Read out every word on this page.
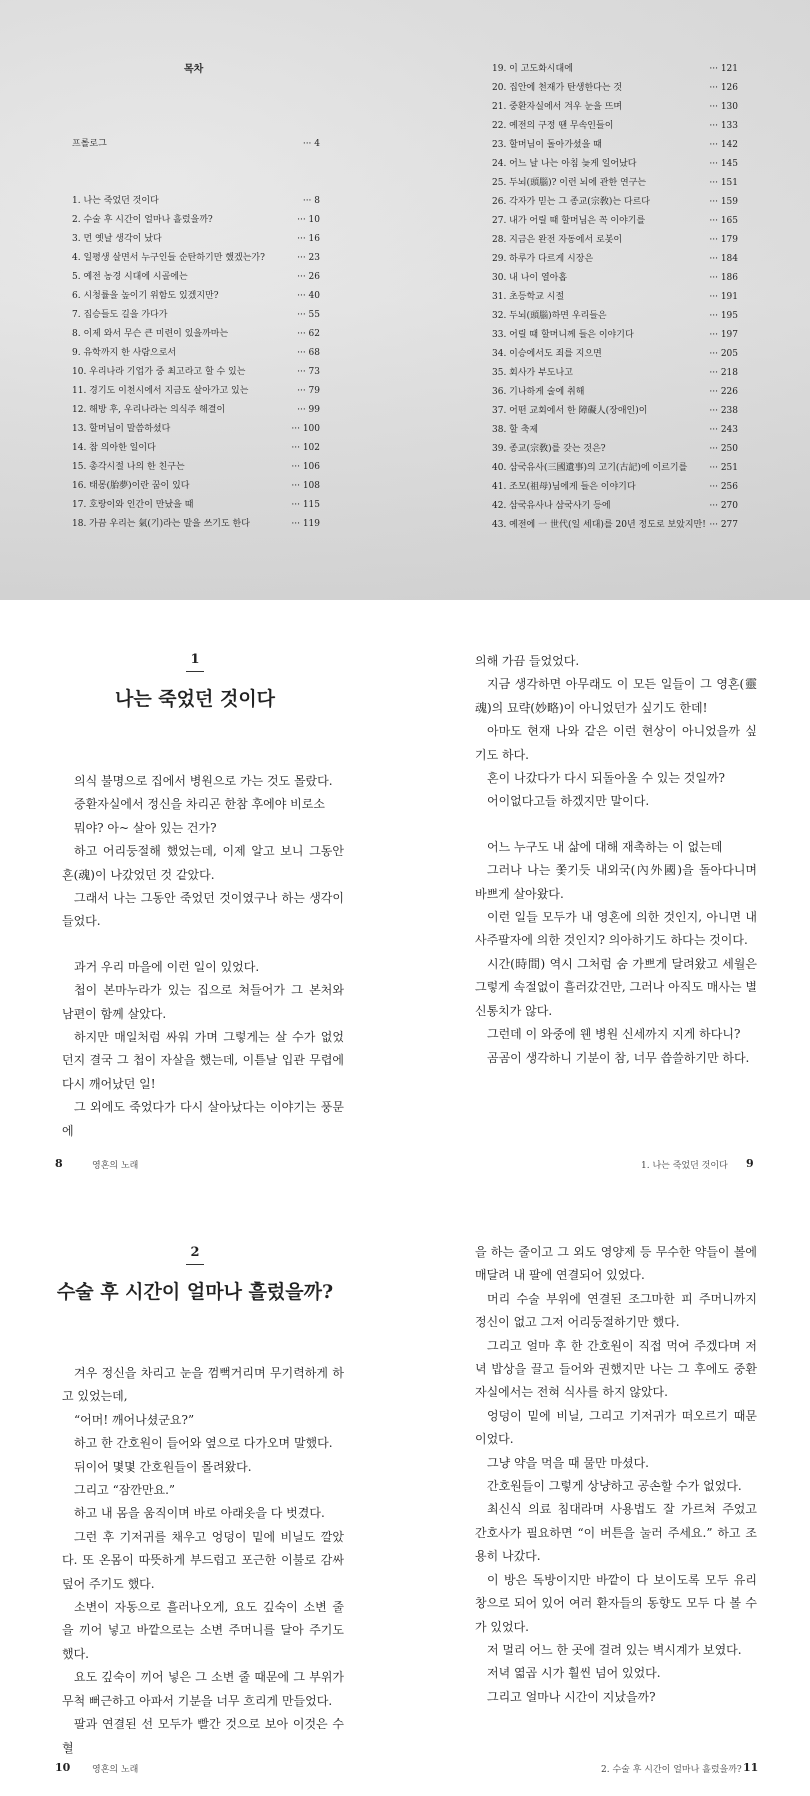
목차
프롤로그	··· 4
1. 나는 죽었던 것이다	··· 8
2. 수술 후 시간이 얼마나 흘렀을까?	··· 10
3. 먼 옛날 생각이 났다	··· 16
4. 일평생 살면서 누구인들 순탄하기만 했겠는가?	··· 23
5. 예전 농경 시대에 시골에는	··· 26
6. 시청률을 높이기 위함도 있겠지만?	··· 40
7. 집승들도 길을 가다가	··· 55
8. 이제 와서 무슨 큰 미련이 있을까마는	··· 62
9. 유학까지 한 사람으로서	··· 68
10. 우리나라 기업가 중 최고라고 할 수 있는	··· 73
11. 경기도 이천시에서 지금도 살아가고 있는	··· 79
12. 해방 후, 우리나라는 의식주 해결이	··· 99
13. 할머님이 말씀하셨다	··· 100
14. 참 의아한 일이다	··· 102
15. 총각시절 나의 한 친구는	··· 106
16. 태몽(胎夢)이란 꿈이 있다	··· 108
17. 호랑이와 인간이 만났을 때	··· 115
18. 가끔 우리는 氣(기)라는 말을 쓰기도 한다	··· 119
19. 이 고도화시대에	··· 121
20. 집안에 천재가 탄생한다는 것	··· 126
21. 중환자실에서 겨우 눈을 뜨며	··· 130
22. 예전의 구정 땐 무속인들이	··· 133
23. 할머님이 돌아가셨을 때	··· 142
24. 어느 날 나는 아침 늦게 일어났다	··· 145
25. 두뇌(頭腦)? 이런 뇌에 관한 연구는	··· 151
26. 각자가 믿는 그 종교(宗敎)는 다르다	··· 159
27. 내가 어릴 때 할머님은 꼭 이야기를	··· 165
28. 지금은 완전 자동에서 로봇이	··· 179
29. 하루가 다르게 시장은	··· 184
30. 내 나이 열아홉	··· 186
31. 초등학교 시절	··· 191
32. 두뇌(頭腦)하면 우리들은	··· 195
33. 어릴 때 할머니께 들은 이야기다	··· 197
34. 이승에서도 죄를 지으면	··· 205
35. 회사가 부도나고	··· 218
36. 기나하게 술에 취해	··· 226
37. 어떤 교회에서 한 障礙人(장애인)이	··· 238
38. 할 축제	··· 243
39. 종교(宗敎)를 갖는 것은?	··· 250
40. 삼국유사(三國遺事)의 고기(古記)에 이르기를 ··· 251
41. 조모(祖母)님에게 들은 이야기다	··· 256
42. 삼국유사나 삼국사기 등에	··· 270
43. 예전에 一 世代(일 세대)를 20년 정도로 보았지만! ··· 277
1
나는 죽었던 것이다

의식 불명으로 집에서 병원으로 가는 것도 몰랐다.

중환자실에서 정신을 차리곤 한참 후에야 비로소

뭐야? 아~ 살아 있는 건가?

하고 어리둥절해 했었는데, 이제 알고 보니 그동안 혼(魂)이 나갔었던 것 같았다.

그래서 나는 그동안 죽었던 것이였구나 하는 생각이 들었다.

과거 우리 마을에 이런 일이 있었다.

첩이 본마누라가 있는 집으로 쳐들어가 그 본처와 남편이 함께 살았다.

하지만 매일처럼 싸워 가며 그렇게는 살 수가 없었던지 결국 그 첩이 자살을 했는데, 이튿날 입관 무렵에 다시 깨어났던 일!

그 외에도 죽었다가 다시 살아났다는 이야기는 풍문에

8	영혼의 노래

의해 가끔 들었었다.

지금 생각하면 아무래도 이 모든 일들이 그 영혼(靈魂)의 묘략(妙略)이 아니었던가 싶기도 한데!

아마도 현재 나와 같은 이런 현상이 아니었을까 싶기도 하다.

혼이 나갔다가 다시 되돌아올 수 있는 것일까?

어이없다고들 하겠지만 말이다.

어느 누구도 내 삶에 대해 재촉하는 이 없는데

그러나 나는 쫓기듯 내외국(內外國)을 돌아다니며 바쁘게 살아왔다.

이런 일들 모두가 내 영혼에 의한 것인지, 아니면 내 사주팔자에 의한 것인지? 의아하기도 하다는 것이다.

시간(時間) 역시 그처럼 숨 가쁘게 달려왔고 세월은 그렇게 속절없이 흘러갔건만, 그러나 아직도 매사는 별 신통치가 않다.

그런데 이 와중에 웬 병원 신세까지 지게 하다니?

곰곰이 생각하니 기분이 참, 너무 씁쓸하기만 하다.

1. 나는 죽었던 것이다 9
2
수술 후 시간이 얼마나 흘렀을까?

겨우 정신을 차리고 눈을 껌뻑거리며 무기력하게 하고 있었는데,

“어머! 깨어나셨군요?”

하고 한 간호원이 들어와 옆으로 다가오며 말했다.

뒤이어 몇몇 간호원들이 몰려왔다.

그리고 “잠깐만요.”

하고 내 몸을 움직이며 바로 아래옷을 다 벗겼다.

그런 후 기저귀를 채우고 엉덩이 밑에 비닐도 깔았다. 또 온몸이 따뜻하게 부드럽고 포근한 이불로 감싸 덮어 주기도 했다.

소변이 자동으로 흘러나오게, 요도 깊숙이 소변 줄을 끼어 넣고 바깥으로는 소변 주머니를 달아 주기도 했다.

요도 깊숙이 끼어 넣은 그 소변 줄 때문에 그 부위가 무척 뻐근하고 아파서 기분을 너무 흐리게 만들었다.

팔과 연결된 선 모두가 빨간 것으로 보아 이것은 수혈

10 영혼의 노래

을 하는 줄이고 그 외도 영양제 등 무수한 약들이 볼에 매달려 내 팔에 연결되어 있었다.

머리 수술 부위에 연결된 조그마한 피 주머니까지 정신이 없고 그저 어리둥절하기만 했다.

그리고 얼마 후 한 간호원이 직접 먹여 주겠다며 저녁 밥상을 끌고 들어와 권했지만 나는 그 후에도 중환자실에서는 전혀 식사를 하지 않았다.

엉덩이 밑에 비닐, 그리고 기저귀가 떠오르기 때문이었다.

그냥 약을 먹을 때 물만 마셨다.

간호원들이 그렇게 상냥하고 공손할 수가 없었다.

최신식 의료 침대라며 사용법도 잘 가르쳐 주었고 간호사가 필요하면 “이 버튼을 눌러 주세요.” 하고 조용히 나갔다.

이 방은 독방이지만 바깥이 다 보이도록 모두 유리창으로 되어 있어 여러 환자들의 동향도 모두 다 볼 수가 있었다.

저 멀리 어느 한 곳에 걸려 있는 벽시계가 보였다.

저녁 엷곱 시가 훨씬 넘어 있었다.

그리고 얼마나 시간이 지났을까?

2. 수술 후 시간이 얼마나 흘렀을까? 11
